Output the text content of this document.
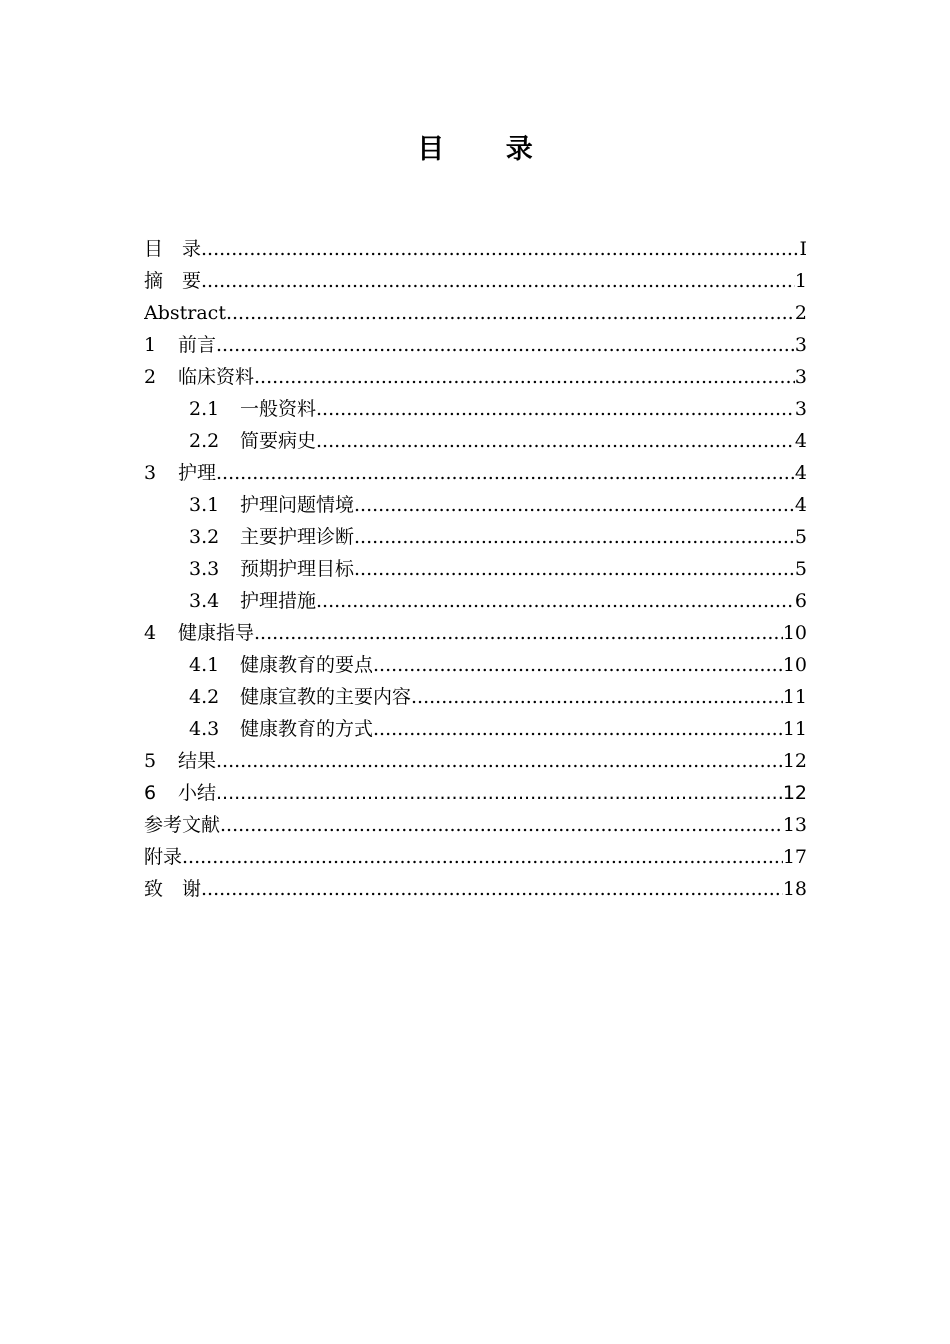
目 录
目　录 .....	I
摘　要 .....	1
Abstract .....	2
1	前言 .....	3
2	临床资料 .....	3
2.1	一般资料 .....	3
2.2	简要病史 .....	4
3	护理 .....	4
3.1	护理问题情境 .....	4
3.2	主要护理诊断 .....	5
3.3	预期护理目标 .....	5
3.4	护理措施 .....	6
4	健康指导 .....	10
4.1	健康教育的要点 .....	10
4.2	健康宣教的主要内容 .....	11
4.3	健康教育的方式 .....	11
5	结果 .....	12
6	小结 .....	12
参考文献 .....	13
附录 .....	17
致　谢 .....	18
